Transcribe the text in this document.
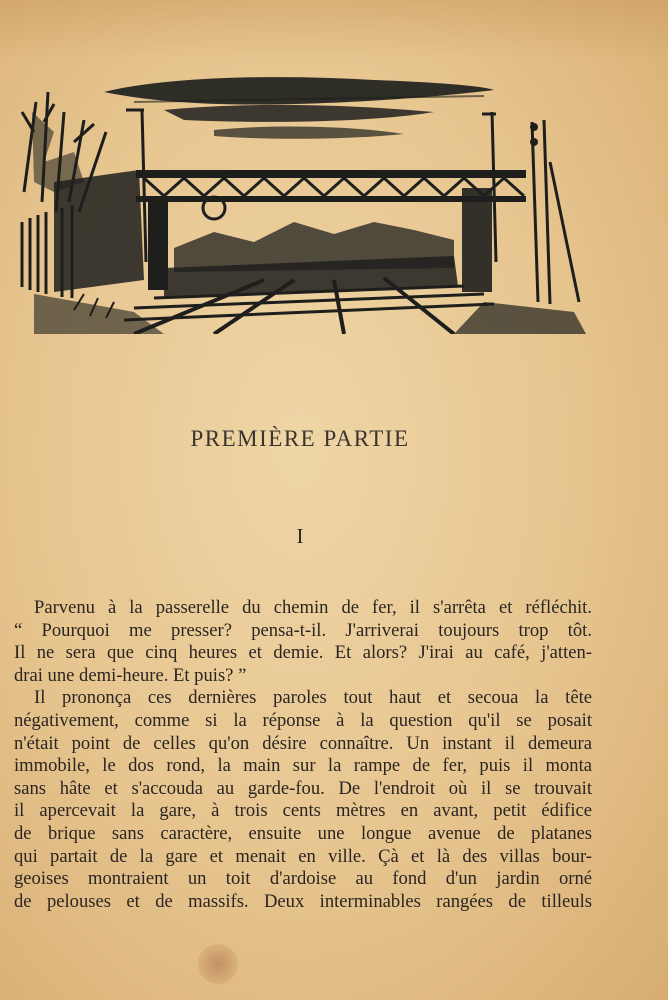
PREMIÈRE PARTIE
I
Parvenu à la passerelle du chemin de fer, il s'arrêta et réfléchit.
“ Pourquoi me presser? pensa-t-il. J'arriverai toujours trop tôt.
Il ne sera que cinq heures et demie. Et alors? J'irai au café, j'atten-
drai une demi-heure. Et puis? ”
Il prononça ces dernières paroles tout haut et secoua la tête
négativement, comme si la réponse à la question qu'il se posait
n'était point de celles qu'on désire connaître. Un instant il demeura
immobile, le dos rond, la main sur la rampe de fer, puis il monta
sans hâte et s'accouda au garde-fou. De l'endroit où il se trouvait
il apercevait la gare, à trois cents mètres en avant, petit édifice
de brique sans caractère, ensuite une longue avenue de platanes
qui partait de la gare et menait en ville. Çà et là des villas bour-
geoises montraient un toit d'ardoise au fond d'un jardin orné
de pelouses et de massifs. Deux interminables rangées de tilleuls
